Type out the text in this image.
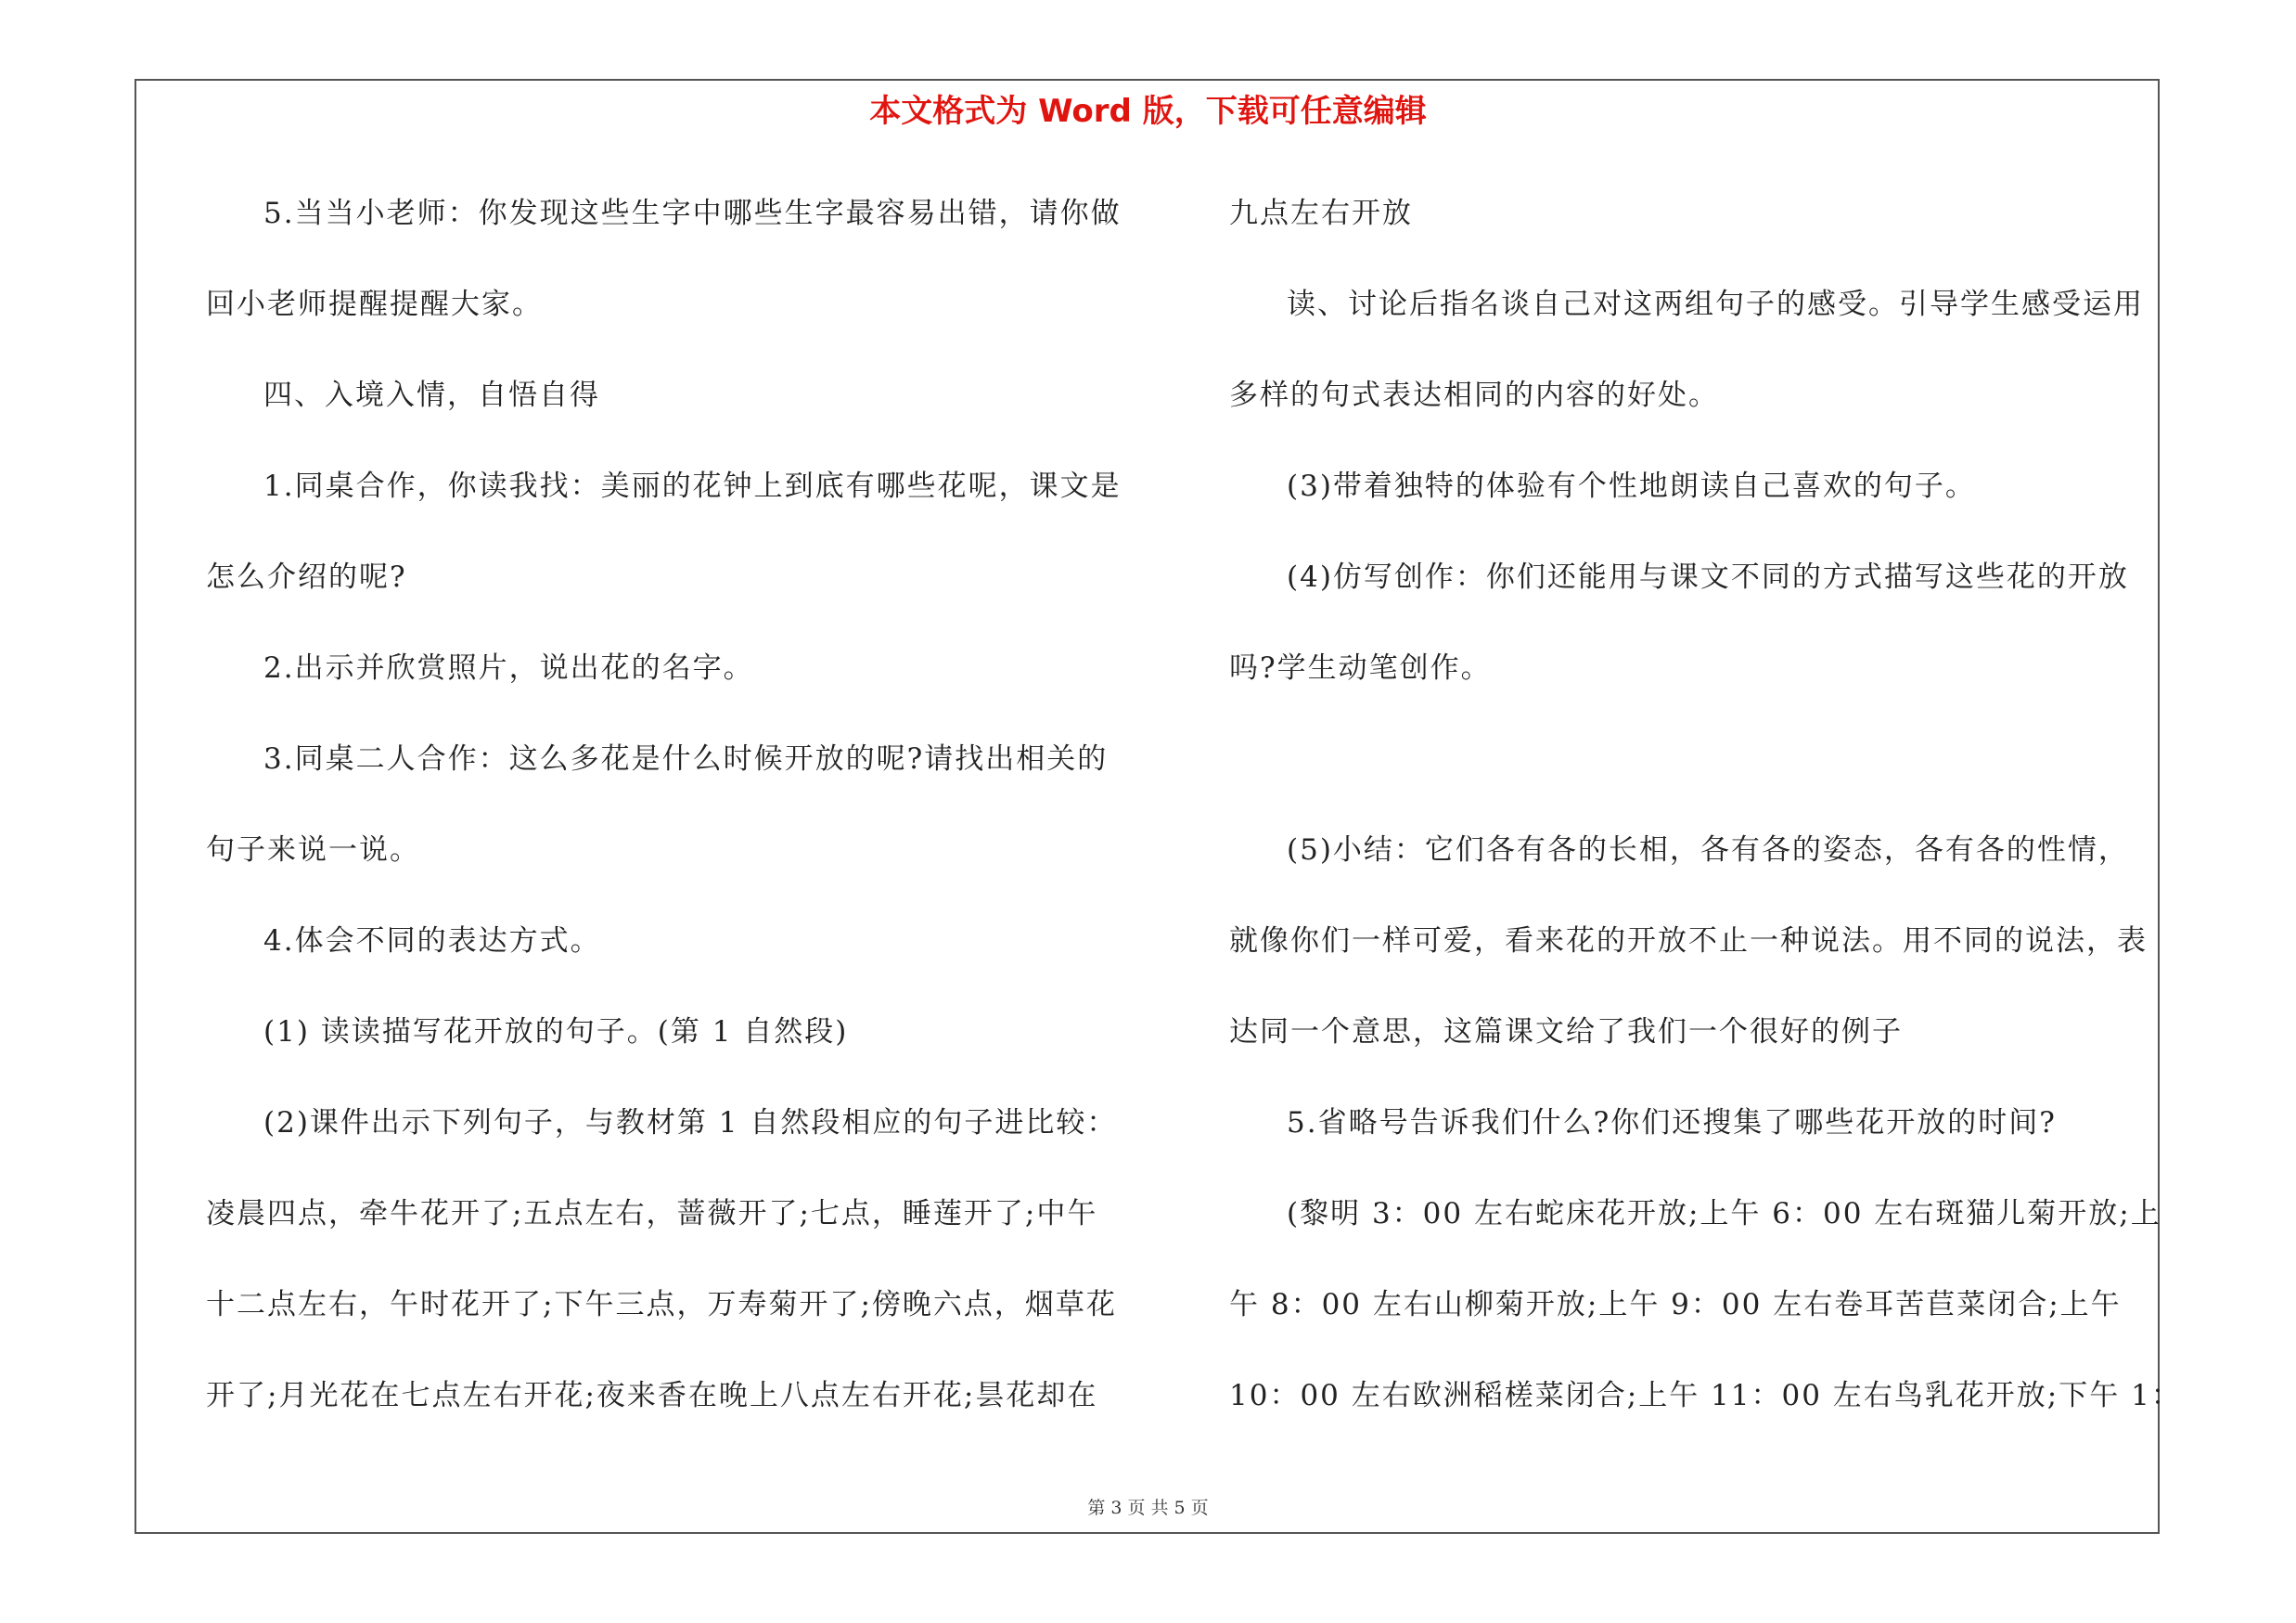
本文格式为 Word 版，下载可任意编辑
5.当当小老师：你发现这些生字中哪些生字最容易出错，请你做
回小老师提醒提醒大家。
四、入境入情，自悟自得
1.同桌合作，你读我找：美丽的花钟上到底有哪些花呢，课文是
怎么介绍的呢?
2.出示并欣赏照片，说出花的名字。
3.同桌二人合作：这么多花是什么时候开放的呢?请找出相关的
句子来说一说。
4.体会不同的表达方式。
(1) 读读描写花开放的句子。(第 1 自然段)
(2)课件出示下列句子，与教材第 1 自然段相应的句子进比较：
凌晨四点，牵牛花开了;五点左右，蔷薇开了;七点，睡莲开了;中午
十二点左右，午时花开了;下午三点，万寿菊开了;傍晚六点，烟草花
开了;月光花在七点左右开花;夜来香在晚上八点左右开花;昙花却在
九点左右开放
读、讨论后指名谈自己对这两组句子的感受。引导学生感受运用
多样的句式表达相同的内容的好处。
(3)带着独特的体验有个性地朗读自己喜欢的句子。
(4)仿写创作：你们还能用与课文不同的方式描写这些花的开放
吗?学生动笔创作。
(5)小结：它们各有各的长相，各有各的姿态，各有各的性情，
就像你们一样可爱，看来花的开放不止一种说法。用不同的说法，表
达同一个意思，这篇课文给了我们一个很好的例子
5.省略号告诉我们什么?你们还搜集了哪些花开放的时间?
(黎明 3：00 左右蛇床花开放;上午 6：00 左右斑猫儿菊开放;上
午 8：00 左右山柳菊开放;上午 9：00 左右卷耳苦苣菜闭合;上午
10：00 左右欧洲稻槎菜闭合;上午 11：00 左右鸟乳花开放;下午 1：
第 3 页 共 5 页
